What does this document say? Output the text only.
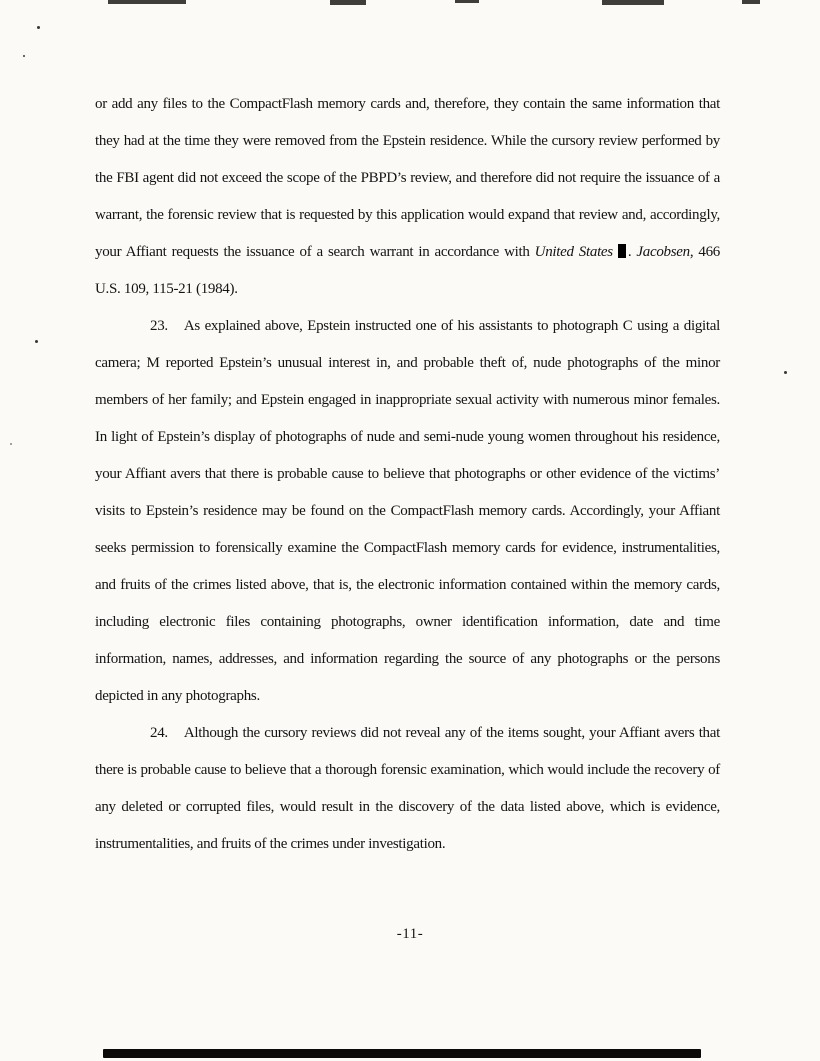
or add any files to the CompactFlash memory cards and, therefore, they contain the same information that they had at the time they were removed from the Epstein residence. While the cursory review performed by the FBI agent did not exceed the scope of the PBPD’s review, and therefore did not require the issuance of a warrant, the forensic review that is requested by this application would expand that review and, accordingly, your Affiant requests the issuance of a search warrant in accordance with United States . Jacobsen, 466 U.S. 109, 115-21 (1984).

23. As explained above, Epstein instructed one of his assistants to photograph C using a digital camera; M reported Epstein’s unusual interest in, and probable theft of, nude photographs of the minor members of her family; and Epstein engaged in inappropriate sexual activity with numerous minor females. In light of Epstein’s display of photographs of nude and semi-nude young women throughout his residence, your Affiant avers that there is probable cause to believe that photographs or other evidence of the victims’ visits to Epstein’s residence may be found on the CompactFlash memory cards. Accordingly, your Affiant seeks permission to forensically examine the CompactFlash memory cards for evidence, instrumentalities, and fruits of the crimes listed above, that is, the electronic information contained within the memory cards, including electronic files containing photographs, owner identification information, date and time information, names, addresses, and information regarding the source of any photographs or the persons depicted in any photographs.

24. Although the cursory reviews did not reveal any of the items sought, your Affiant avers that there is probable cause to believe that a thorough forensic examination, which would include the recovery of any deleted or corrupted files, would result in the discovery of the data listed above, which is evidence, instrumentalities, and fruits of the crimes under investigation.

-11-
